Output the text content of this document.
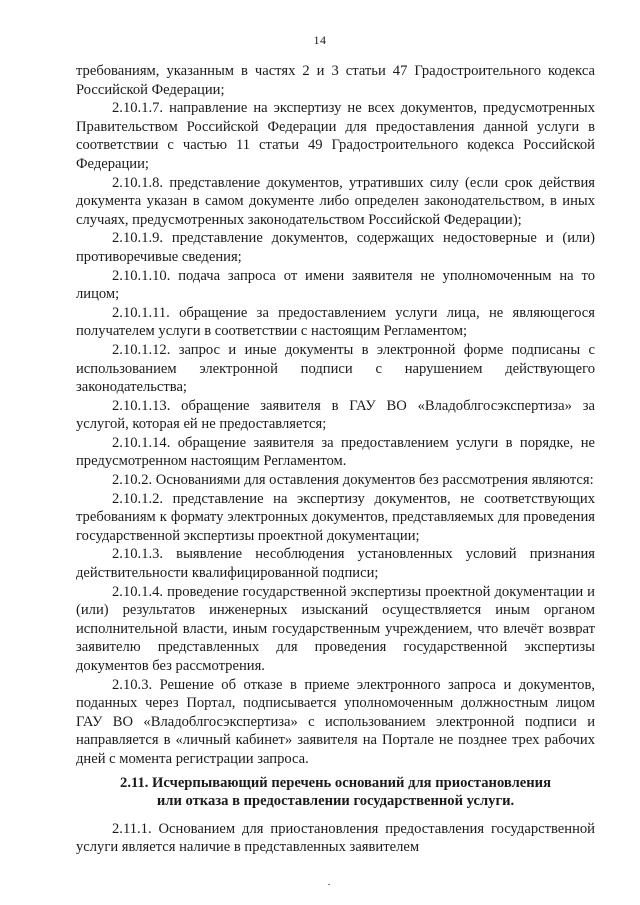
14

требованиям, указанным в частях 2 и 3 статьи 47 Градостроительного кодекса Российской Федерации;

2.10.1.7. направление на экспертизу не всех документов, предусмотренных Правительством Российской Федерации для предоставления данной услуги в соответствии с частью 11 статьи 49 Градостроительного кодекса Российской Федерации;

2.10.1.8. представление документов, утративших силу (если срок действия документа указан в самом документе либо определен законодательством, в иных случаях, предусмотренных законодательством Российской Федерации);

2.10.1.9. представление документов, содержащих недостоверные и (или) противоречивые сведения;

2.10.1.10. подача запроса от имени заявителя не уполномоченным на то лицом;

2.10.1.11. обращение за предоставлением услуги лица, не являющегося получателем услуги в соответствии с настоящим Регламентом;

2.10.1.12. запрос и иные документы в электронной форме подписаны с использованием электронной подписи с нарушением действующего законодательства;

2.10.1.13. обращение заявителя в ГАУ ВО «Владоблгосэкспертиза» за услугой, которая ей не предоставляется;

2.10.1.14. обращение заявителя за предоставлением услуги в порядке, не предусмотренном настоящим Регламентом.

2.10.2. Основаниями для оставления документов без рассмотрения являются:

2.10.1.2. представление на экспертизу документов, не соответствующих требованиям к формату электронных документов, представляемых для проведения государственной экспертизы проектной документации;

2.10.1.3. выявление несоблюдения установленных условий признания действительности квалифицированной подписи;

2.10.1.4. проведение государственной экспертизы проектной документации и (или) результатов инженерных изысканий осуществляется иным органом исполнительной власти, иным государственным учреждением, что влечёт возврат заявителю представленных для проведения государственной экспертизы документов без рассмотрения.

2.10.3. Решение об отказе в приеме электронного запроса и документов, поданных через Портал, подписывается уполномоченным должностным лицом ГАУ ВО «Владоблгосэкспертиза» с использованием электронной подписи и направляется в «личный кабинет» заявителя на Портале не позднее трех рабочих дней с момента регистрации запроса.

2.11. Исчерпывающий перечень оснований для приостановления
или отказа в предоставлении государственной услуги.

2.11.1. Основанием для приостановления предоставления государственной услуги является наличие в представленных заявителем
